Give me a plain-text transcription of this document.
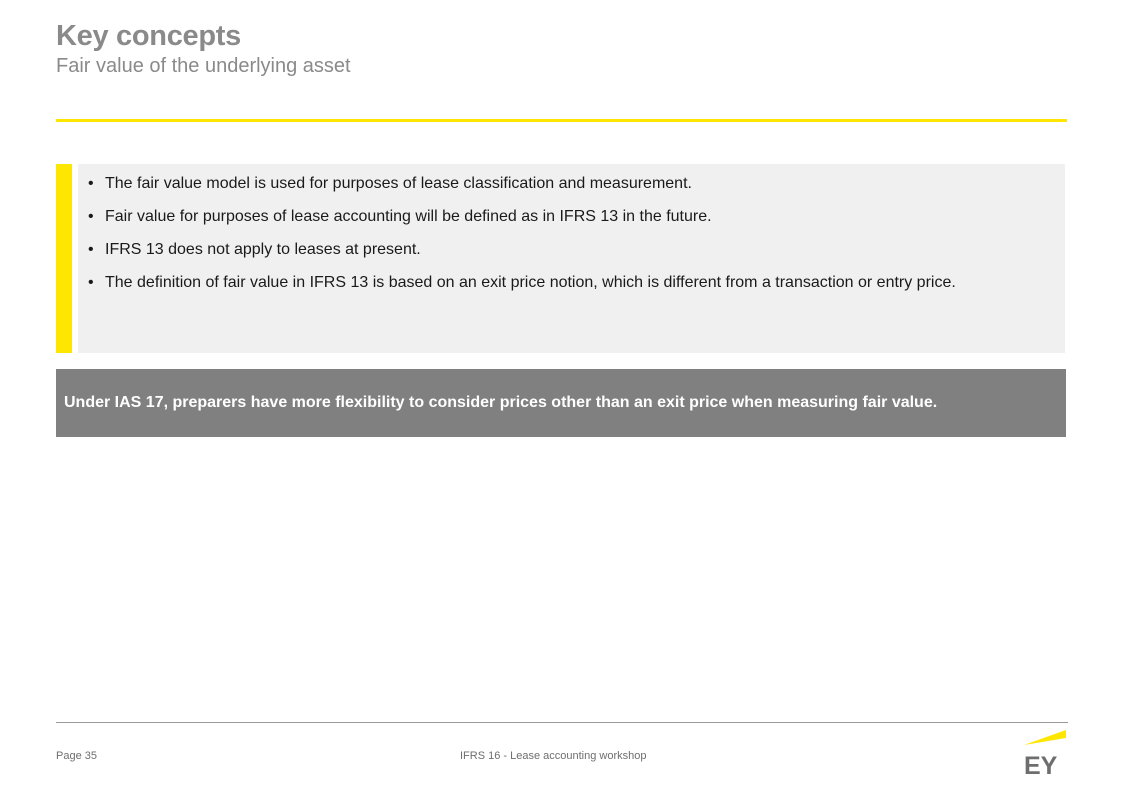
Key concepts
Fair value of the underlying asset
• The fair value model is used for purposes of lease classification and measurement.
• Fair value for purposes of lease accounting will be defined as in IFRS 13 in the future.
• IFRS 13 does not apply to leases at present.
• The definition of fair value in IFRS 13 is based on an exit price notion, which is different from a transaction or entry price.
Under IAS 17, preparers have more flexibility to consider prices other than an exit price when measuring fair value.
Page 35	IFRS 16 - Lease accounting workshop	EY
